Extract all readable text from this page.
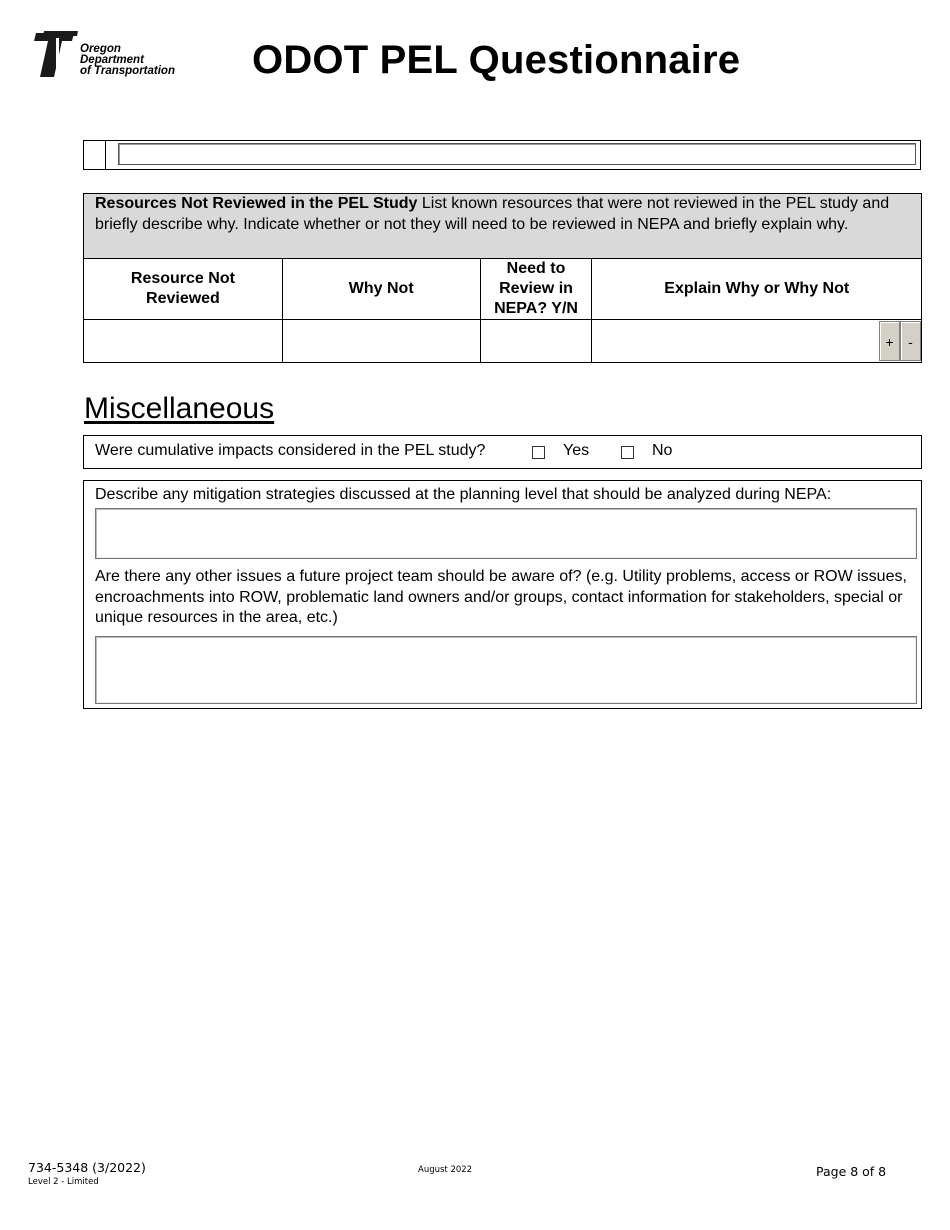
Oregon
Department
of Transportation ODOT PEL Questionnaire
Resources Not Reviewed in the PEL Study List known resources that were not reviewed in the PEL study and briefly describe why. Indicate whether or not they will need to be reviewed in NEPA and briefly explain why.			
Resource Not Reviewed	Why Not	Need to Review in NEPA? Y/N	Explain Why or Why Not

			+ -
Miscellaneous
Were cumulative impacts considered in the PEL study?	Yes	No
Describe any mitigation strategies discussed at the planning level that should be analyzed during NEPA:
Are there any other issues a future project team should be aware of? (e.g. Utility problems, access or ROW issues, encroachments into ROW, problematic land owners and/or groups, contact information for stakeholders, special or unique resources in the area, etc.)
734-5348 (3/2022)
Level 2 - Limited
August 2022	Page 8 of 8
